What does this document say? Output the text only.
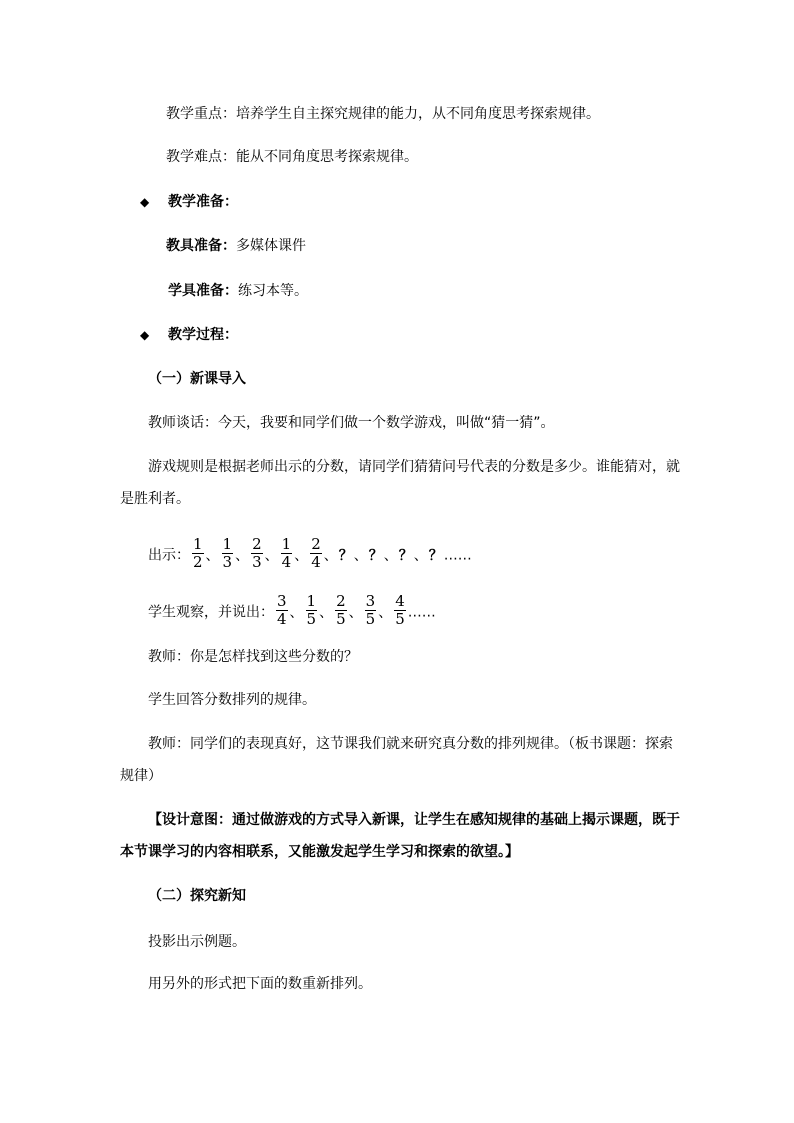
教学重点：培养学生自主探究规律的能力，从不同角度思考探索规律。
教学难点：能从不同角度思考探索规律。
◆ 教学准备：
教具准备：多媒体课件
学具准备：练习本等。
◆ 教学过程：
（一）新课导入
教师谈话：今天，我要和同学们做一个数学游戏，叫做“猜一猜”。
游戏规则是根据老师出示的分数，请同学们猜猜问号代表的分数是多少。谁能猜对，就
是胜利者。
出示： $\frac{1}{2}$ 、 $\frac{1}{3}$ 、 $\frac{2}{3}$ 、 $\frac{1}{4}$ 、 $\frac{2}{4}$ 、？、？、？、？……
学生观察，并说出： $\frac{3}{4}$ 、 $\frac{1}{5}$ 、 $\frac{2}{5}$ 、 $\frac{3}{5}$ 、 $\frac{4}{5}$ ……
教师：你是怎样找到这些分数的？
学生回答分数排列的规律。
教师：同学们的表现真好，这节课我们就来研究真分数的排列规律。（板书课题：探索
规律）
【设计意图：通过做游戏的方式导入新课，让学生在感知规律的基础上揭示课题，既于
本节课学习的内容相联系，又能激发起学生学习和探索的欲望。】
（二）探究新知
投影出示例题。
用另外的形式把下面的数重新排列。
